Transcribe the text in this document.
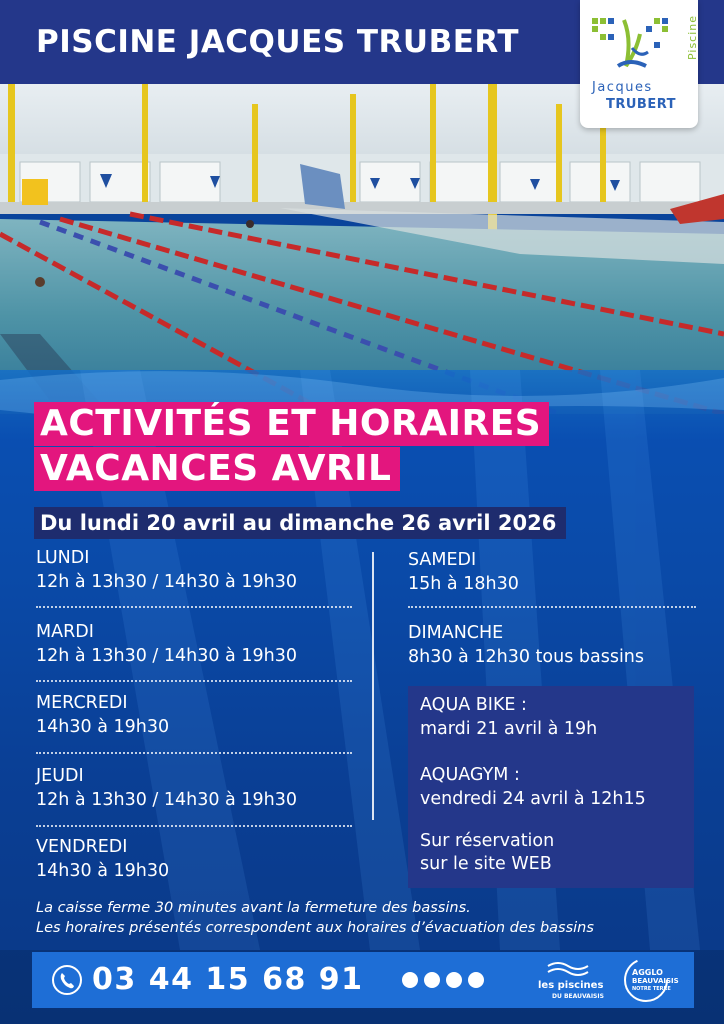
PISCINE JACQUES TRUBERT
Jacques
TRUBERT
Piscine
ACTIVITÉS ET HORAIRES
VACANCES AVRIL
Du lundi 20 avril au dimanche 26 avril 2026
LUNDI
12h à 13h30 / 14h30 à 19h30
MARDI
12h à 13h30 / 14h30 à 19h30
MERCREDI
14h30 à 19h30
JEUDI
12h à 13h30 / 14h30 à 19h30
VENDREDI
14h30 à 19h30
SAMEDI
15h à 18h30
DIMANCHE
8h30 à 12h30 tous bassins
AQUA BIKE :
mardi 21 avril à 19h
AQUAGYM :
vendredi 24 avril à 12h15
Sur réservation
sur le site WEB
La caisse ferme 30 minutes avant la fermeture des bassins.
Les horaires présentés correspondent aux horaires d’évacuation des bassins
03 44 15 68 91	les piscines
DU BEAUVAISIS
AGGLO
BEAUVAISIS
NOTRE TERRE
